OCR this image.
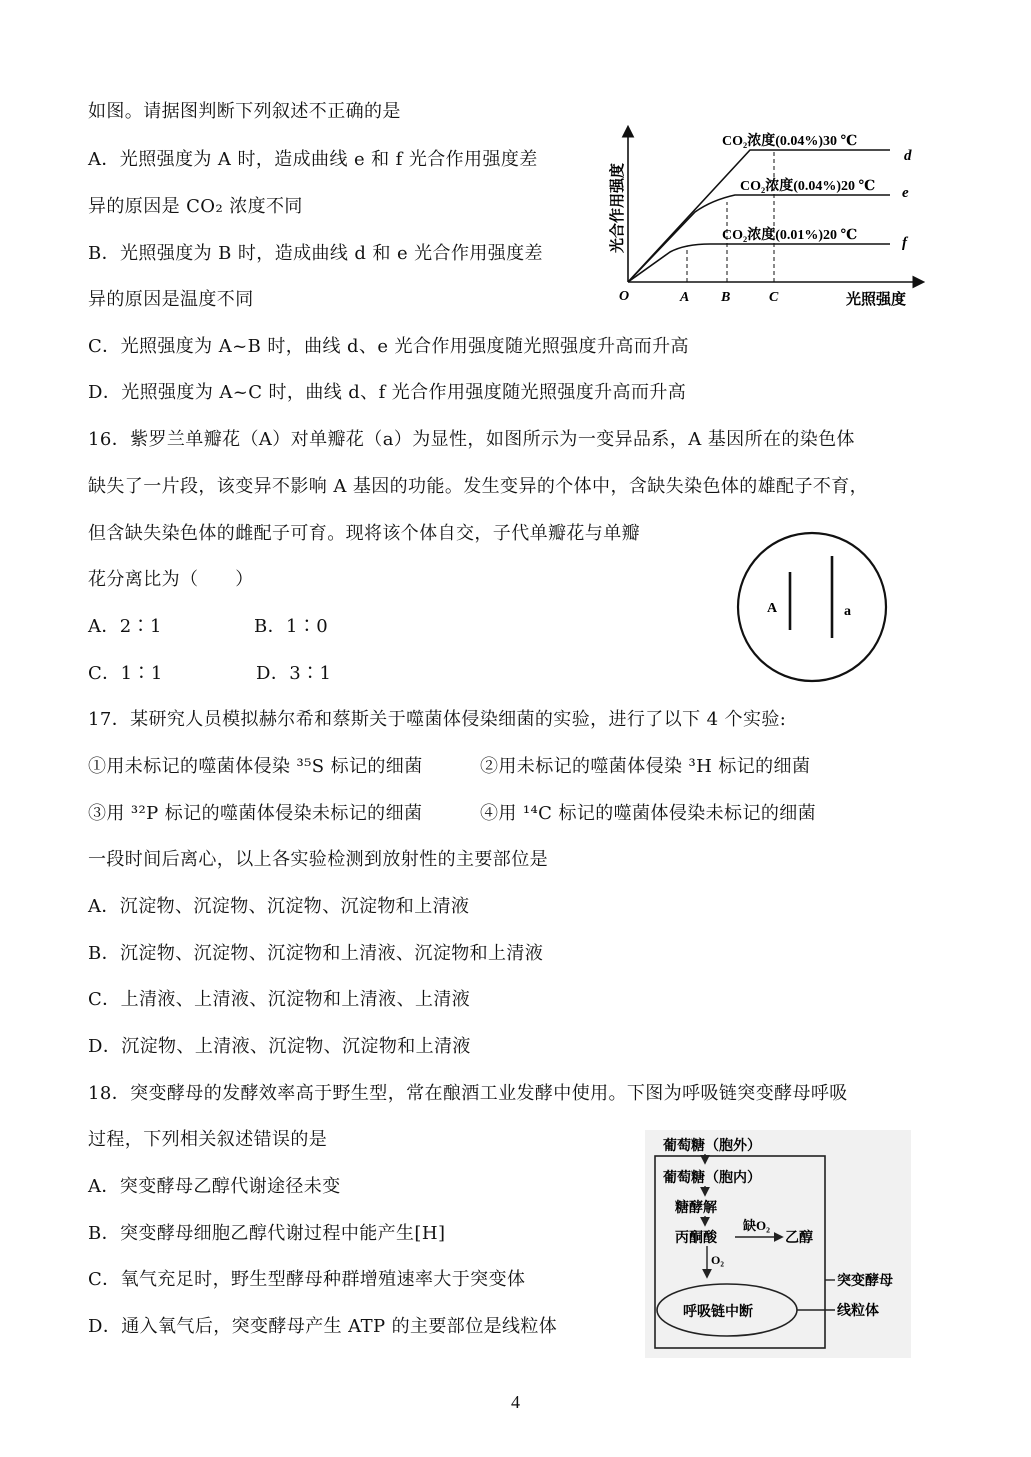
如图。请据图判断下列叙述不正确的是
A．光照强度为 A 时，造成曲线 e 和 f 光合作用强度差
异的原因是 CO₂ 浓度不同
B．光照强度为 B 时，造成曲线 d 和 e 光合作用强度差
异的原因是温度不同
C．光照强度为 A~B 时，曲线 d、e 光合作用强度随光照强度升高而升高
D．光照强度为 A~C 时，曲线 d、f 光合作用强度随光照强度升高而升高
光合作用强度
O	A B	C	光照强度
CO₂浓度(0.04%)30 ℃
d
CO₂浓度(0.04%)20 ℃ e
CO₂浓度(0.01%)20 ℃	f
16．紫罗兰单瓣花（A）对单瓣花（a）为显性，如图所示为一变异品系，A 基因所在的染色体
缺失了一片段，该变异不影响 A 基因的功能。发生变异的个体中，含缺失染色体的雄配子不育，
但含缺失染色体的雌配子可育。现将该个体自交，子代单瓣花与单瓣
花分离比为（　　）
A．2∶1	B．1∶0
C．1∶1	D．3∶1
A	a
17．某研究人员模拟赫尔希和蔡斯关于噬菌体侵染细菌的实验，进行了以下 4 个实验:
①用未标记的噬菌体侵染 ³⁵S 标记的细菌	②用未标记的噬菌体侵染 ³H 标记的细菌
③用 ³²P 标记的噬菌体侵染未标记的细菌	④用 ¹⁴C 标记的噬菌体侵染未标记的细菌
一段时间后离心，以上各实验检测到放射性的主要部位是
A．沉淀物、沉淀物、沉淀物、沉淀物和上清液
B．沉淀物、沉淀物、沉淀物和上清液、沉淀物和上清液
C．上清液、上清液、沉淀物和上清液、上清液
D．沉淀物、上清液、沉淀物、沉淀物和上清液
18．突变酵母的发酵效率高于野生型，常在酿酒工业发酵中使用。下图为呼吸链突变酵母呼吸
过程，下列相关叙述错误的是
A．突变酵母乙醇代谢途径未变
B．突变酵母细胞乙醇代谢过程中能产生[H]
C．氧气充足时，野生型酵母种群增殖速率大于突变体
D．通入氧气后，突变酵母产生 ATP 的主要部位是线粒体
葡萄糖（胞外）
葡萄糖（胞内）
糖酵解
丙酮酸
缺O₂
乙醇
O₂
呼吸链中断
突变酵母
线粒体
4
